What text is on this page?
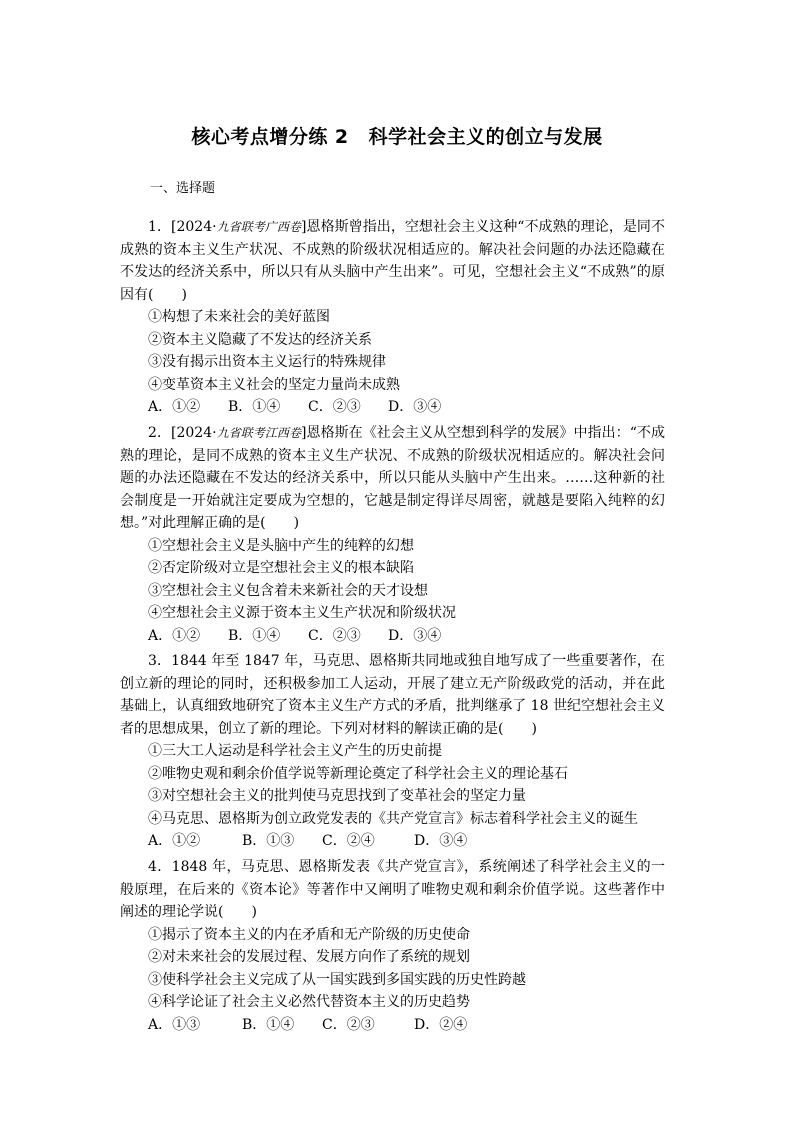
核心考点增分练 2 科学社会主义的创立与发展
一、选择题

1．[2024·九省联考广西卷]恩格斯曾指出，空想社会主义这种“不成熟的理论，是同不成熟的资本主义生产状况、不成熟的阶级状况相适应的。解决社会问题的办法还隐藏在不发达的经济关系中，所以只有从头脑中产生出来”。可见，空想社会主义“不成熟”的原因有(　　)

①构想了未来社会的美好蓝图

②资本主义隐藏了不发达的经济关系

③没有揭示出资本主义运行的特殊规律

④变革资本主义社会的坚定力量尚未成熟

A．①② B．①④ C．②③ D．③④

2．[2024·九省联考江西卷]恩格斯在《社会主义从空想到科学的发展》中指出：“不成熟的理论，是同不成熟的资本主义生产状况、不成熟的阶级状况相适应的。解决社会问题的办法还隐藏在不发达的经济关系中，所以只能从头脑中产生出来。……这种新的社会制度是一开始就注定要成为空想的，它越是制定得详尽周密，就越是要陷入纯粹的幻想。”对此理解正确的是(　　)

①空想社会主义是头脑中产生的纯粹的幻想

②否定阶级对立是空想社会主义的根本缺陷

③空想社会主义包含着未来新社会的天才设想

④空想社会主义源于资本主义生产状况和阶级状况

A．①② B．①④ C．②③ D．③④

3．1844 年至 1847 年，马克思、恩格斯共同地或独自地写成了一些重要著作，在创立新的理论的同时，还积极参加工人运动，开展了建立无产阶级政党的活动，并在此基础上，认真细致地研究了资本主义生产方式的矛盾，批判继承了 18 世纪空想社会主义者的思想成果，创立了新的理论。下列对材料的解读正确的是(　　)

①三大工人运动是科学社会主义产生的历史前提

②唯物史观和剩余价值学说等新理论奠定了科学社会主义的理论基石

③对空想社会主义的批判使马克思找到了变革社会的坚定力量

④马克思、恩格斯为创立政党发表的《共产党宣言》标志着科学社会主义的诞生

A．①②	B．①③ C．②④	D．③④

4．1848 年，马克思、恩格斯发表《共产党宣言》，系统阐述了科学社会主义的一般原理，在后来的《资本论》等著作中又阐明了唯物史观和剩余价值学说。这些著作中阐述的理论学说(　　)

①揭示了资本主义的内在矛盾和无产阶级的历史使命

②对未来社会的发展过程、发展方向作了系统的规划

③使科学社会主义完成了从一国实践到多国实践的历史性跨越

④科学论证了社会主义必然代替资本主义的历史趋势

A．①③	B．①④ C．②③	D．②④
